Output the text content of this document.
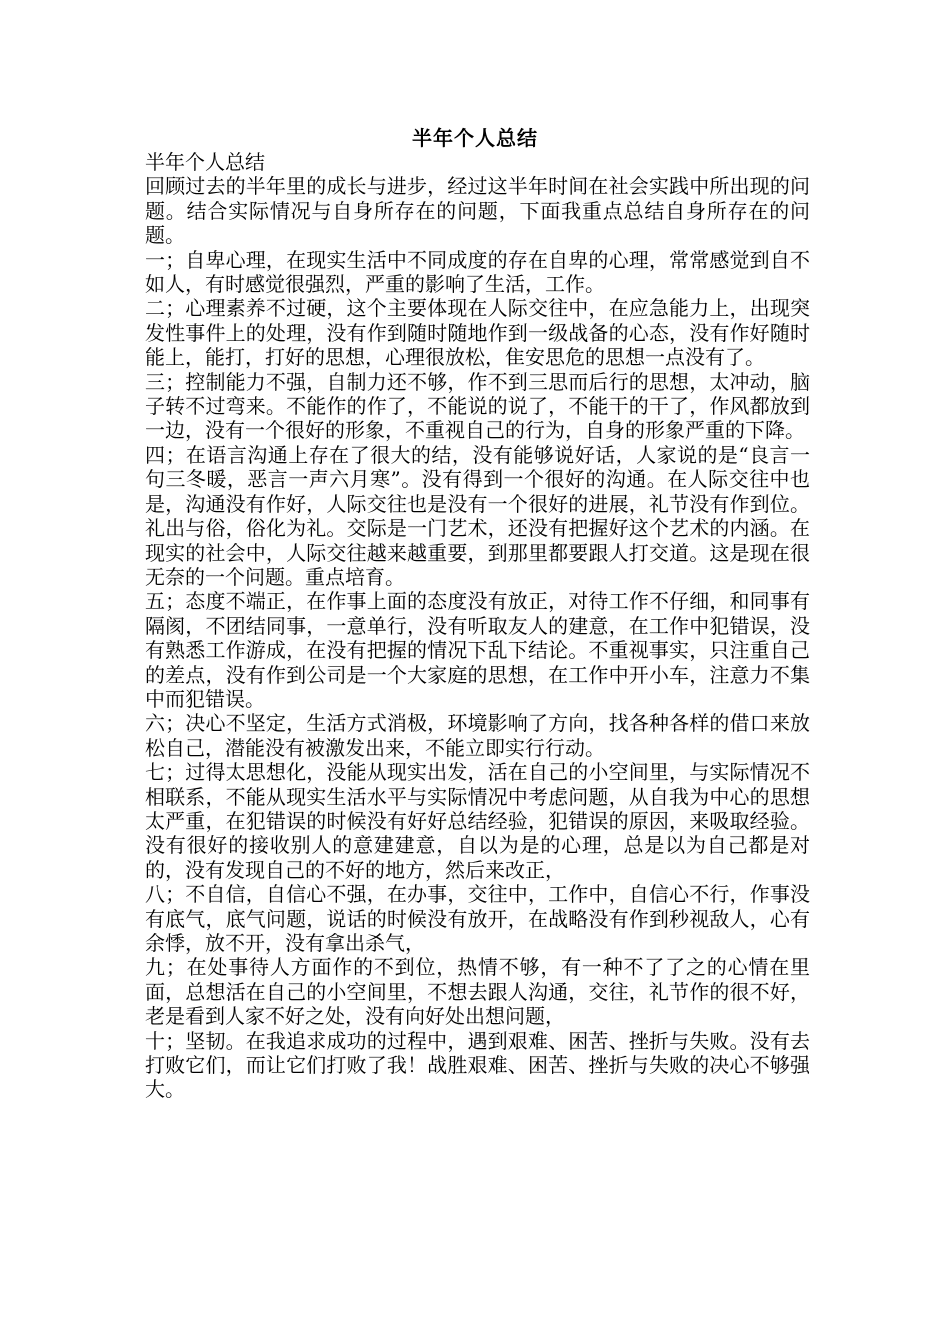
半年个人总结

半年个人总结

回顾过去的半年里的成长与进步，经过这半年时间在社会实践中所出现的问题。结合实际情况与自身所存在的问题，下面我重点总结自身所存在的问题。

一；自卑心理，在现实生活中不同成度的存在自卑的心理，常常感觉到自不如人，有时感觉很强烈，严重的影响了生活，工作。

二；心理素养不过硬，这个主要体现在人际交往中，在应急能力上，出现突发性事件上的处理，没有作到随时随地作到一级战备的心态，没有作好随时能上，能打，打好的思想，心理很放松，隹安思危的思想一点没有了。

三；控制能力不强，自制力还不够，作不到三思而后行的思想，太冲动，脑子转不过弯来。不能作的作了，不能说的说了，不能干的干了，作风都放到一边，没有一个很好的形象，不重视自己的行为，自身的形象严重的下降。

四；在语言沟通上存在了很大的结，没有能够说好话，人家说的是“良言一句三冬暖，恶言一声六月寒”。没有得到一个很好的沟通。在人际交往中也是，沟通没有作好，人际交往也是没有一个很好的进展，礼节没有作到位。礼出与俗，俗化为礼。交际是一门艺术，还没有把握好这个艺术的内涵。在现实的社会中，人际交往越来越重要，到那里都要跟人打交道。这是现在很无奈的一个问题。重点培育。

五；态度不端正，在作事上面的态度没有放正，对待工作不仔细，和同事有隔阂，不团结同事，一意单行，没有听取友人的建意，在工作中犯错误，没有熟悉工作游成，在没有把握的情况下乱下结论。不重视事实，只注重自己的差点，没有作到公司是一个大家庭的思想，在工作中开小车，注意力不集中而犯错误。

六；决心不坚定，生活方式消极，环境影响了方向，找各种各样的借口来放松自己，潜能没有被激发出来，不能立即实行行动。

七；过得太思想化，没能从现实出发，活在自己的小空间里，与实际情况不相联系，不能从现实生活水平与实际情况中考虑问题，从自我为中心的思想太严重，在犯错误的时候没有好好总结经验，犯错误的原因，来吸取经验。没有很好的接收别人的意建建意，自以为是的心理，总是以为自己都是对的，没有发现自己的不好的地方，然后来改正，

八；不自信，自信心不强，在办事，交往中，工作中，自信心不行，作事没有底气，底气问题，说话的时候没有放开，在战略没有作到秒视敌人，心有余悸，放不开，没有拿出杀气，

九；在处事待人方面作的不到位，热情不够，有一种不了了之的心情在里面，总想活在自己的小空间里，不想去跟人沟通，交往，礼节作的很不好，老是看到人家不好之处，没有向好处出想问题，

十；坚韧。在我追求成功的过程中，遇到艰难、困苦、挫折与失败。没有去打败它们，而让它们打败了我！战胜艰难、困苦、挫折与失败的决心不够强大。
